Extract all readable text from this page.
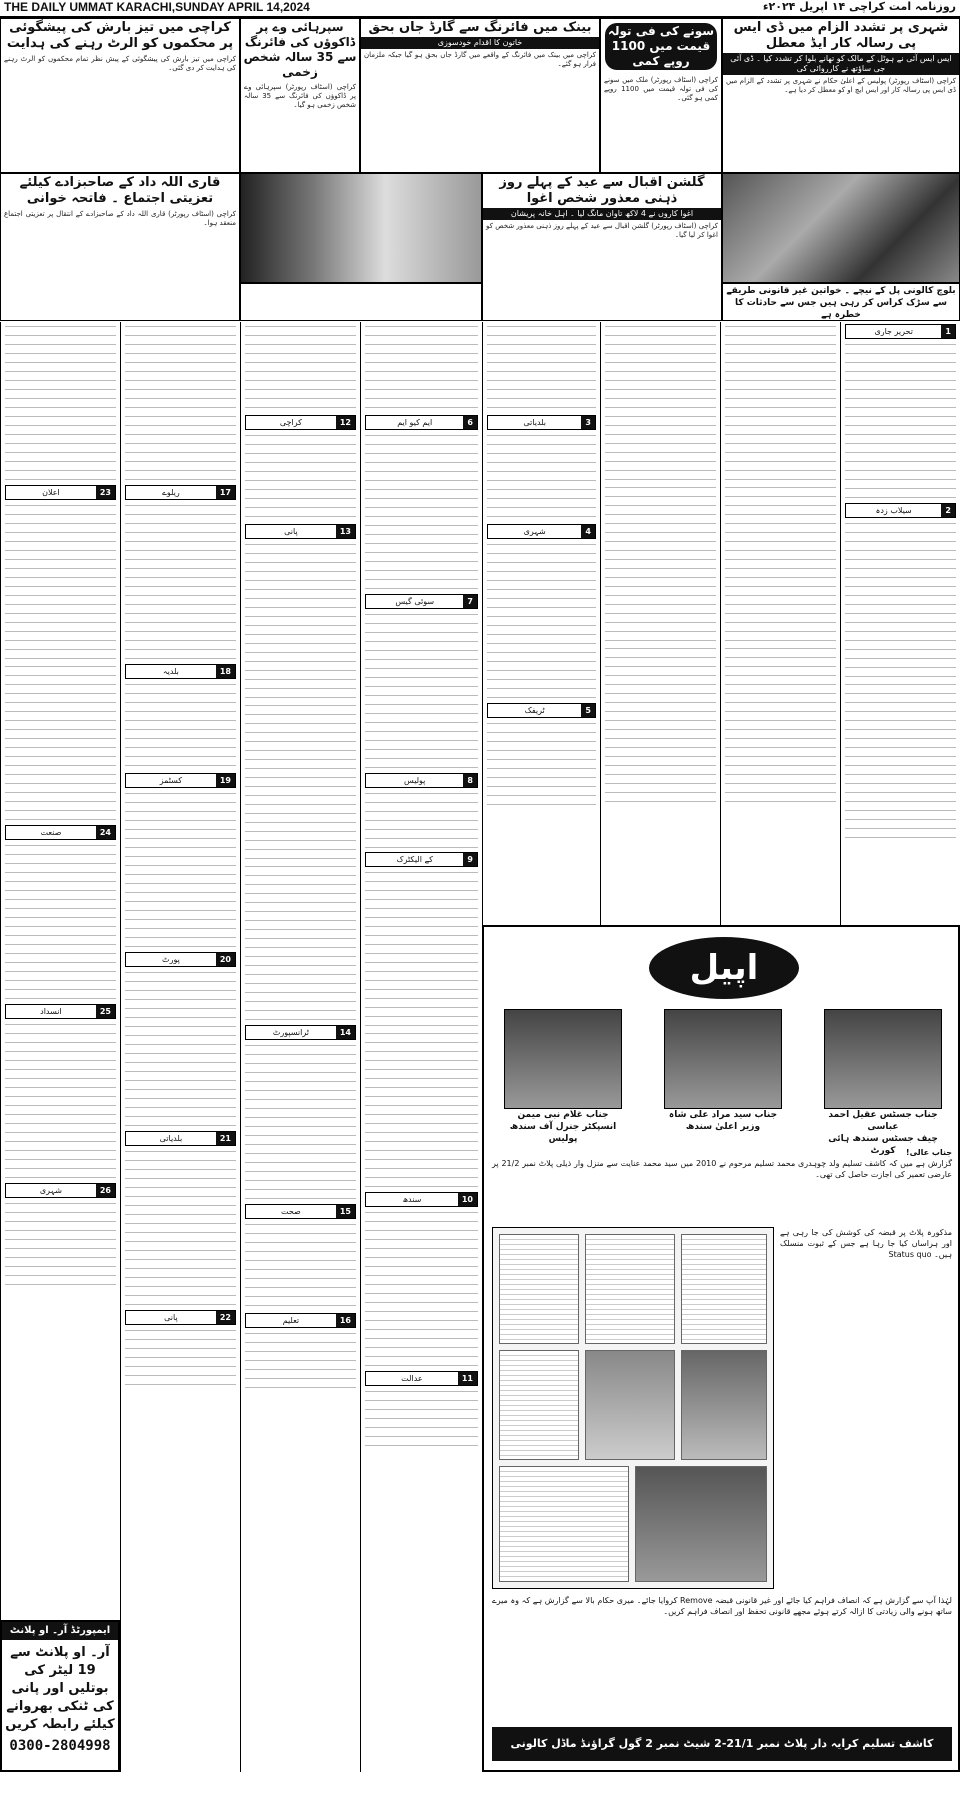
THE DAILY UMMAT KARACHI,SUNDAY APRIL 14,2024	روزنامہ امت کراچی ۱۴ اپریل ۲۰۲۴ء
شہری پر تشدد الزام میں ڈی ایس پی رسالہ کار ایڈ معطل
ایس ایس آئی نے ہوٹل کے مالک کو تھانے بلوا کر تشدد کیا ۔ ڈی آئی جی ساؤتھ نے کارروائی کی
کراچی (اسٹاف رپورٹر) پولیس کے اعلیٰ حکام نے شہری پر تشدد کے الزام میں ڈی ایس پی رسالہ کار اور ایس ایچ او کو معطل کر دیا ہے۔
سونے کی فی تولہ قیمت میں 1100 روپے کمی
کراچی (اسٹاف رپورٹر) ملک میں سونے کی فی تولہ قیمت میں 1100 روپے کمی ہو گئی۔
بینک میں فائرنگ سے گارڈ جاں بحق
خاتون کا اقدام خودسوزی
کراچی میں بینک میں فائرنگ کے واقعے میں گارڈ جاں بحق ہو گیا جبکہ ملزمان فرار ہو گئے۔
سپرہائی وے پر ڈاکوؤں کی فائرنگ سے 35 سالہ شخص زخمی
کراچی (اسٹاف رپورٹر) سپرہائی وے پر ڈاکوؤں کی فائرنگ سے 35 سالہ شخص زخمی ہو گیا۔
کراچی میں تیز بارش کی پیشگوئی پر محکموں کو الرٹ رہنے کی ہدایت
کراچی میں تیز بارش کی پیشگوئی کے پیش نظر تمام محکموں کو الرٹ رہنے کی ہدایت کر دی گئی۔
بلوچ کالونی پل کے نیچے ۔ خواتین غیر قانونی طریقے سے سڑک کراس کر رہی ہیں جس سے حادثات کا خطرہ ہے
گلشن اقبال سے عید کے پہلے روز ذہنی معذور شخص اغوا
اغوا کاروں نے 4 لاکھ تاوان مانگ لیا ۔ اہل خانہ پریشان
کراچی (اسٹاف رپورٹر) گلشن اقبال سے عید کے پہلے روز ذہنی معذور شخص کو اغوا کر لیا گیا۔
قاری اللہ داد کے صاحبزادے کیلئے تعزیتی اجتماع ۔ فاتحہ خوانی
کراچی (اسٹاف رپورٹر) قاری اللہ داد کے صاحبزادے کے انتقال پر تعزیتی اجتماع منعقد ہوا۔
1
تحریر جاری
2
سیلاب زدہ
3
بلدیاتی
4
شہری
5
ٹریفک
6
ایم کیو ایم
7
سوئی گیس
8
پولیس
9
کے الیکٹرک
10
سندھ
11
عدالت
12
کراچی
13
پانی
14
ٹرانسپورٹ
15
صحت
16
تعلیم
17
ریلوے
18
بلدیہ
19
کسٹمز
20
پورٹ
21
بلدیاتی
22
پانی
23
اعلان
24
صنعت
25
انسداد
26
شہری
اپیل
جناب جسٹس عقیل احمد عباسی
چیف جسٹس سندھ ہائی کورٹ
جناب سید مراد علی شاہ
وزیر اعلیٰ سندھ
جناب غلام نبی میمن
انسپکٹر جنرل آف سندھ پولیس
جناب عالی!
گزارش ہے میں کہ کاشف تسلیم ولد چوہدری محمد تسلیم مرحوم نے 2010 میں سید محمد عنایت سے منزل وار ذیلی پلاٹ نمبر 21/2 پر عارضی تعمیر کی اجازت حاصل کی تھی۔
مذکورہ پلاٹ پر قبضہ کی کوشش کی جا رہی ہے اور ہراساں کیا جا رہا ہے جس کے ثبوت منسلک ہیں۔ Status quo
لہٰذا آپ سے گزارش ہے کہ انصاف فراہم کیا جائے اور غیر قانونی قبضہ Remove کروایا جائے۔ میری حکام بالا سے گزارش ہے کہ وہ میرے ساتھ ہونے والی زیادتی کا ازالہ کرتے ہوئے مجھے قانونی تحفظ اور انصاف فراہم کریں۔
کاشف تسلیم کرایہ دار پلاٹ نمبر 21/1-2 شیٹ نمبر 2 گول گراؤنڈ ماڈل کالونی کراچی موبائل نمبر: 0321-2384884
ایمپورٹڈ آر۔ او پلانٹ
آر۔ او پلانٹ سے 19 لیٹر کی بوتلیں اور پانی کی ٹنکی بھروانے کیلئے رابطہ کریں
0300-2804998
